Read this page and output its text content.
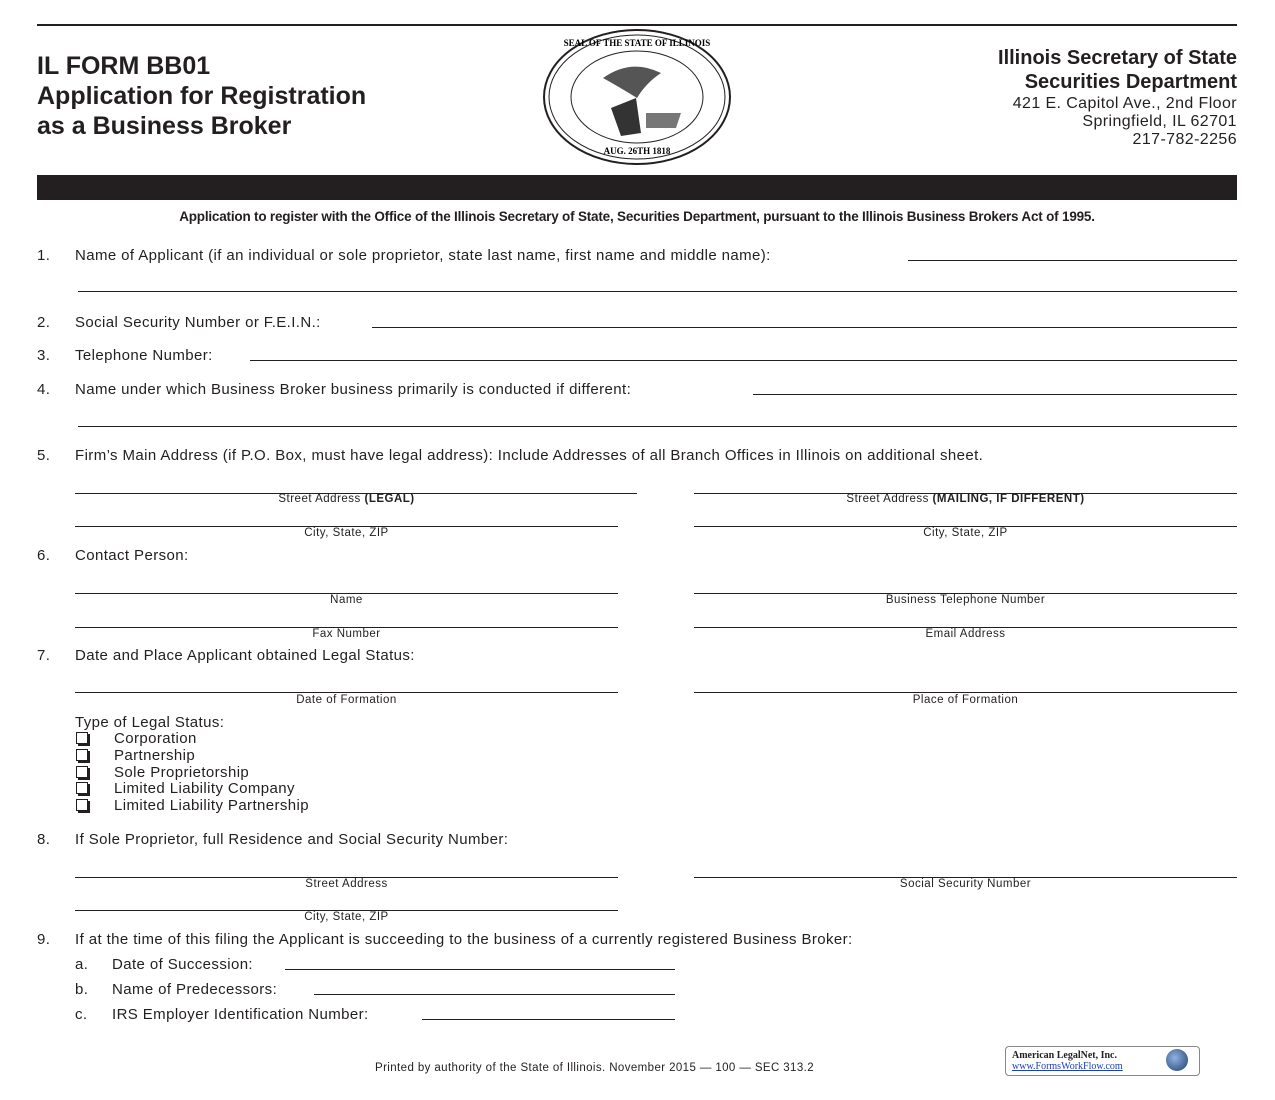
IL FORM BB01
Application for Registration
as a Business Broker
AUG. 26TH 1818
SEAL OF THE STATE OF ILLINOIS
Illinois Secretary of State
Securities Department
421 E. Capitol Ave., 2nd Floor
Springfield, IL 62701
217-782-2256
Application to register with the Office of the Illinois Secretary of State, Securities Department, pursuant to the Illinois Business Brokers Act of 1995.
1. Name of Applicant (if an individual or sole proprietor, state last name, first name and middle name):
2. Social Security Number or F.E.I.N.:
3. Telephone Number:
4. Name under which Business Broker business primarily is conducted if different:
5. Firm’s Main Address (if P.O. Box, must have legal address): Include Addresses of all Branch Offices in Illinois on additional sheet.
Street Address (LEGAL)	Street Address (MAILING, IF DIFFERENT)
City, State, ZIP	City, State, ZIP
6. Contact Person:
Name	Business Telephone Number
Fax Number	Email Address
7. Date and Place Applicant obtained Legal Status:
Date of Formation	Place of Formation
Type of Legal Status:
Corporation
Partnership
Sole Proprietorship
Limited Liability Company
Limited Liability Partnership
8. If Sole Proprietor, full Residence and Social Security Number:
Street Address	Social Security Number
City, State, ZIP
9. If at the time of this filing the Applicant is succeeding to the business of a currently registered Business Broker:
a. Date of Succession:
b. Name of Predecessors:
c. IRS Employer Identification Number:
Printed by authority of the State of Illinois. November 2015 — 100 — SEC 313.2
American LegalNet, Inc.
www.FormsWorkFlow.com
